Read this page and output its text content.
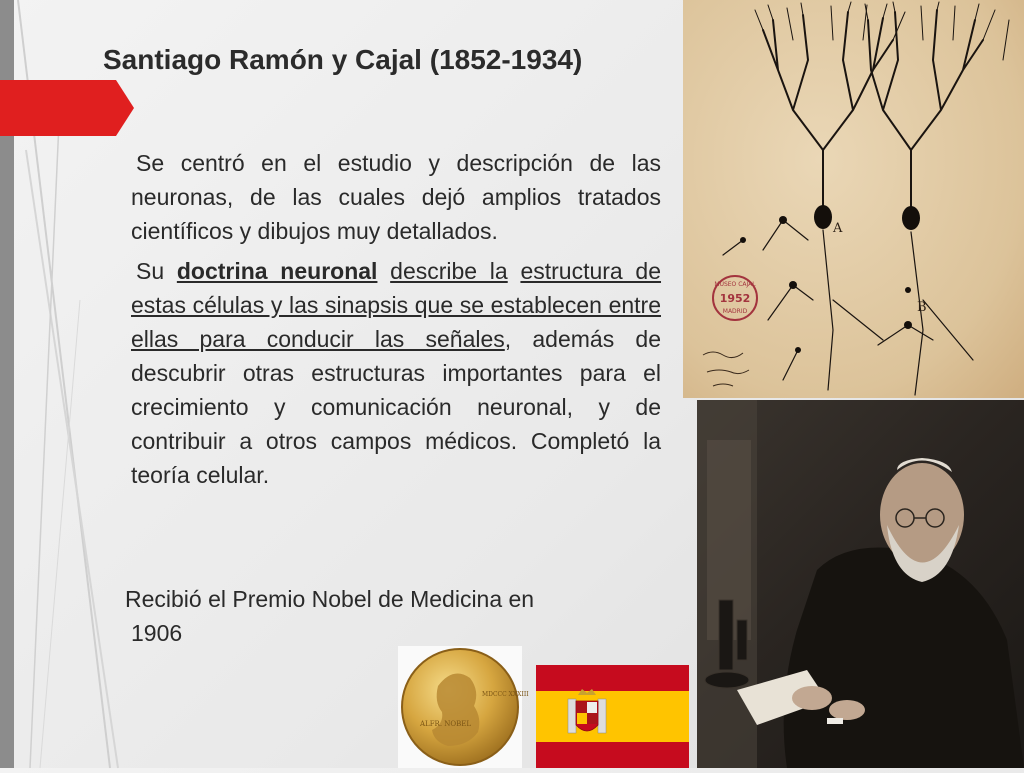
Santiago Ramón y Cajal (1852-1934)

Se centró en el estudio y descripción de las neuronas, de las cuales dejó amplios tratados científicos y dibujos muy detallados.

Su doctrina neuronal describe la estructura de estas células y las sinapsis que se establecen entre ellas para conducir las señales, además de descubrir otras estructuras importantes para el crecimiento y comunicación neuronal, y de contribuir a otros campos médicos. Completó la teoría celular.

Recibió el Premio Nobel de Medicina en
1906
A
B
MUSEO CAJAL
1952
MADRID
ALFR. NOBEL
MDCCC XXXIII
